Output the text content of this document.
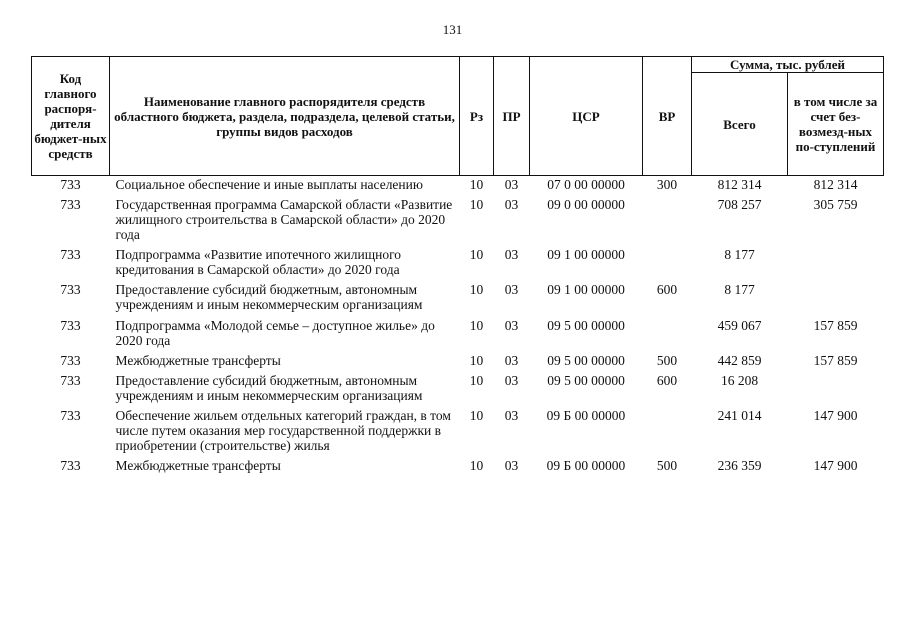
131
Код главного распоря-дителя бюджет-ных средств	Наименование главного распорядителя средств областного бюджета, раздела, подраздела, целевой статьи, группы видов расходов	Рз	ПР	ЦСР	ВР	Сумма, тыс. рублей	
						Всего	в том числе за счет без-возмезд-ных по-ступлений
733	Социальное обеспечение и иные выплаты населению	10	03	07 0 00 00000	300	812 314	812 314
733	Государственная программа Самарской области «Развитие жилищного строительства в Самарской области» до 2020 года	10	03	09 0 00 00000		708 257	305 759
733	Подпрограмма «Развитие ипотечного жилищного кредитования в Самарской области» до 2020 года	10	03	09 1 00 00000		8 177	
733	Предоставление субсидий бюджетным, автономным учреждениям и иным некоммерческим организациям	10	03	09 1 00 00000	600	8 177	
733	Подпрограмма «Молодой семье – доступное жилье» до 2020 года	10	03	09 5 00 00000		459 067	157 859
733	Межбюджетные трансферты	10	03	09 5 00 00000	500	442 859	157 859
733	Предоставление субсидий бюджетным, автономным учреждениям и иным некоммерческим организациям	10	03	09 5 00 00000	600	16 208	
733	Обеспечение жильем отдельных категорий граждан, в том числе путем оказания мер государственной поддержки в приобретении (строительстве) жилья	10	03	09 Б 00 00000		241 014	147 900
733	Межбюджетные трансферты	10	03	09 Б 00 00000	500	236 359	147 900
